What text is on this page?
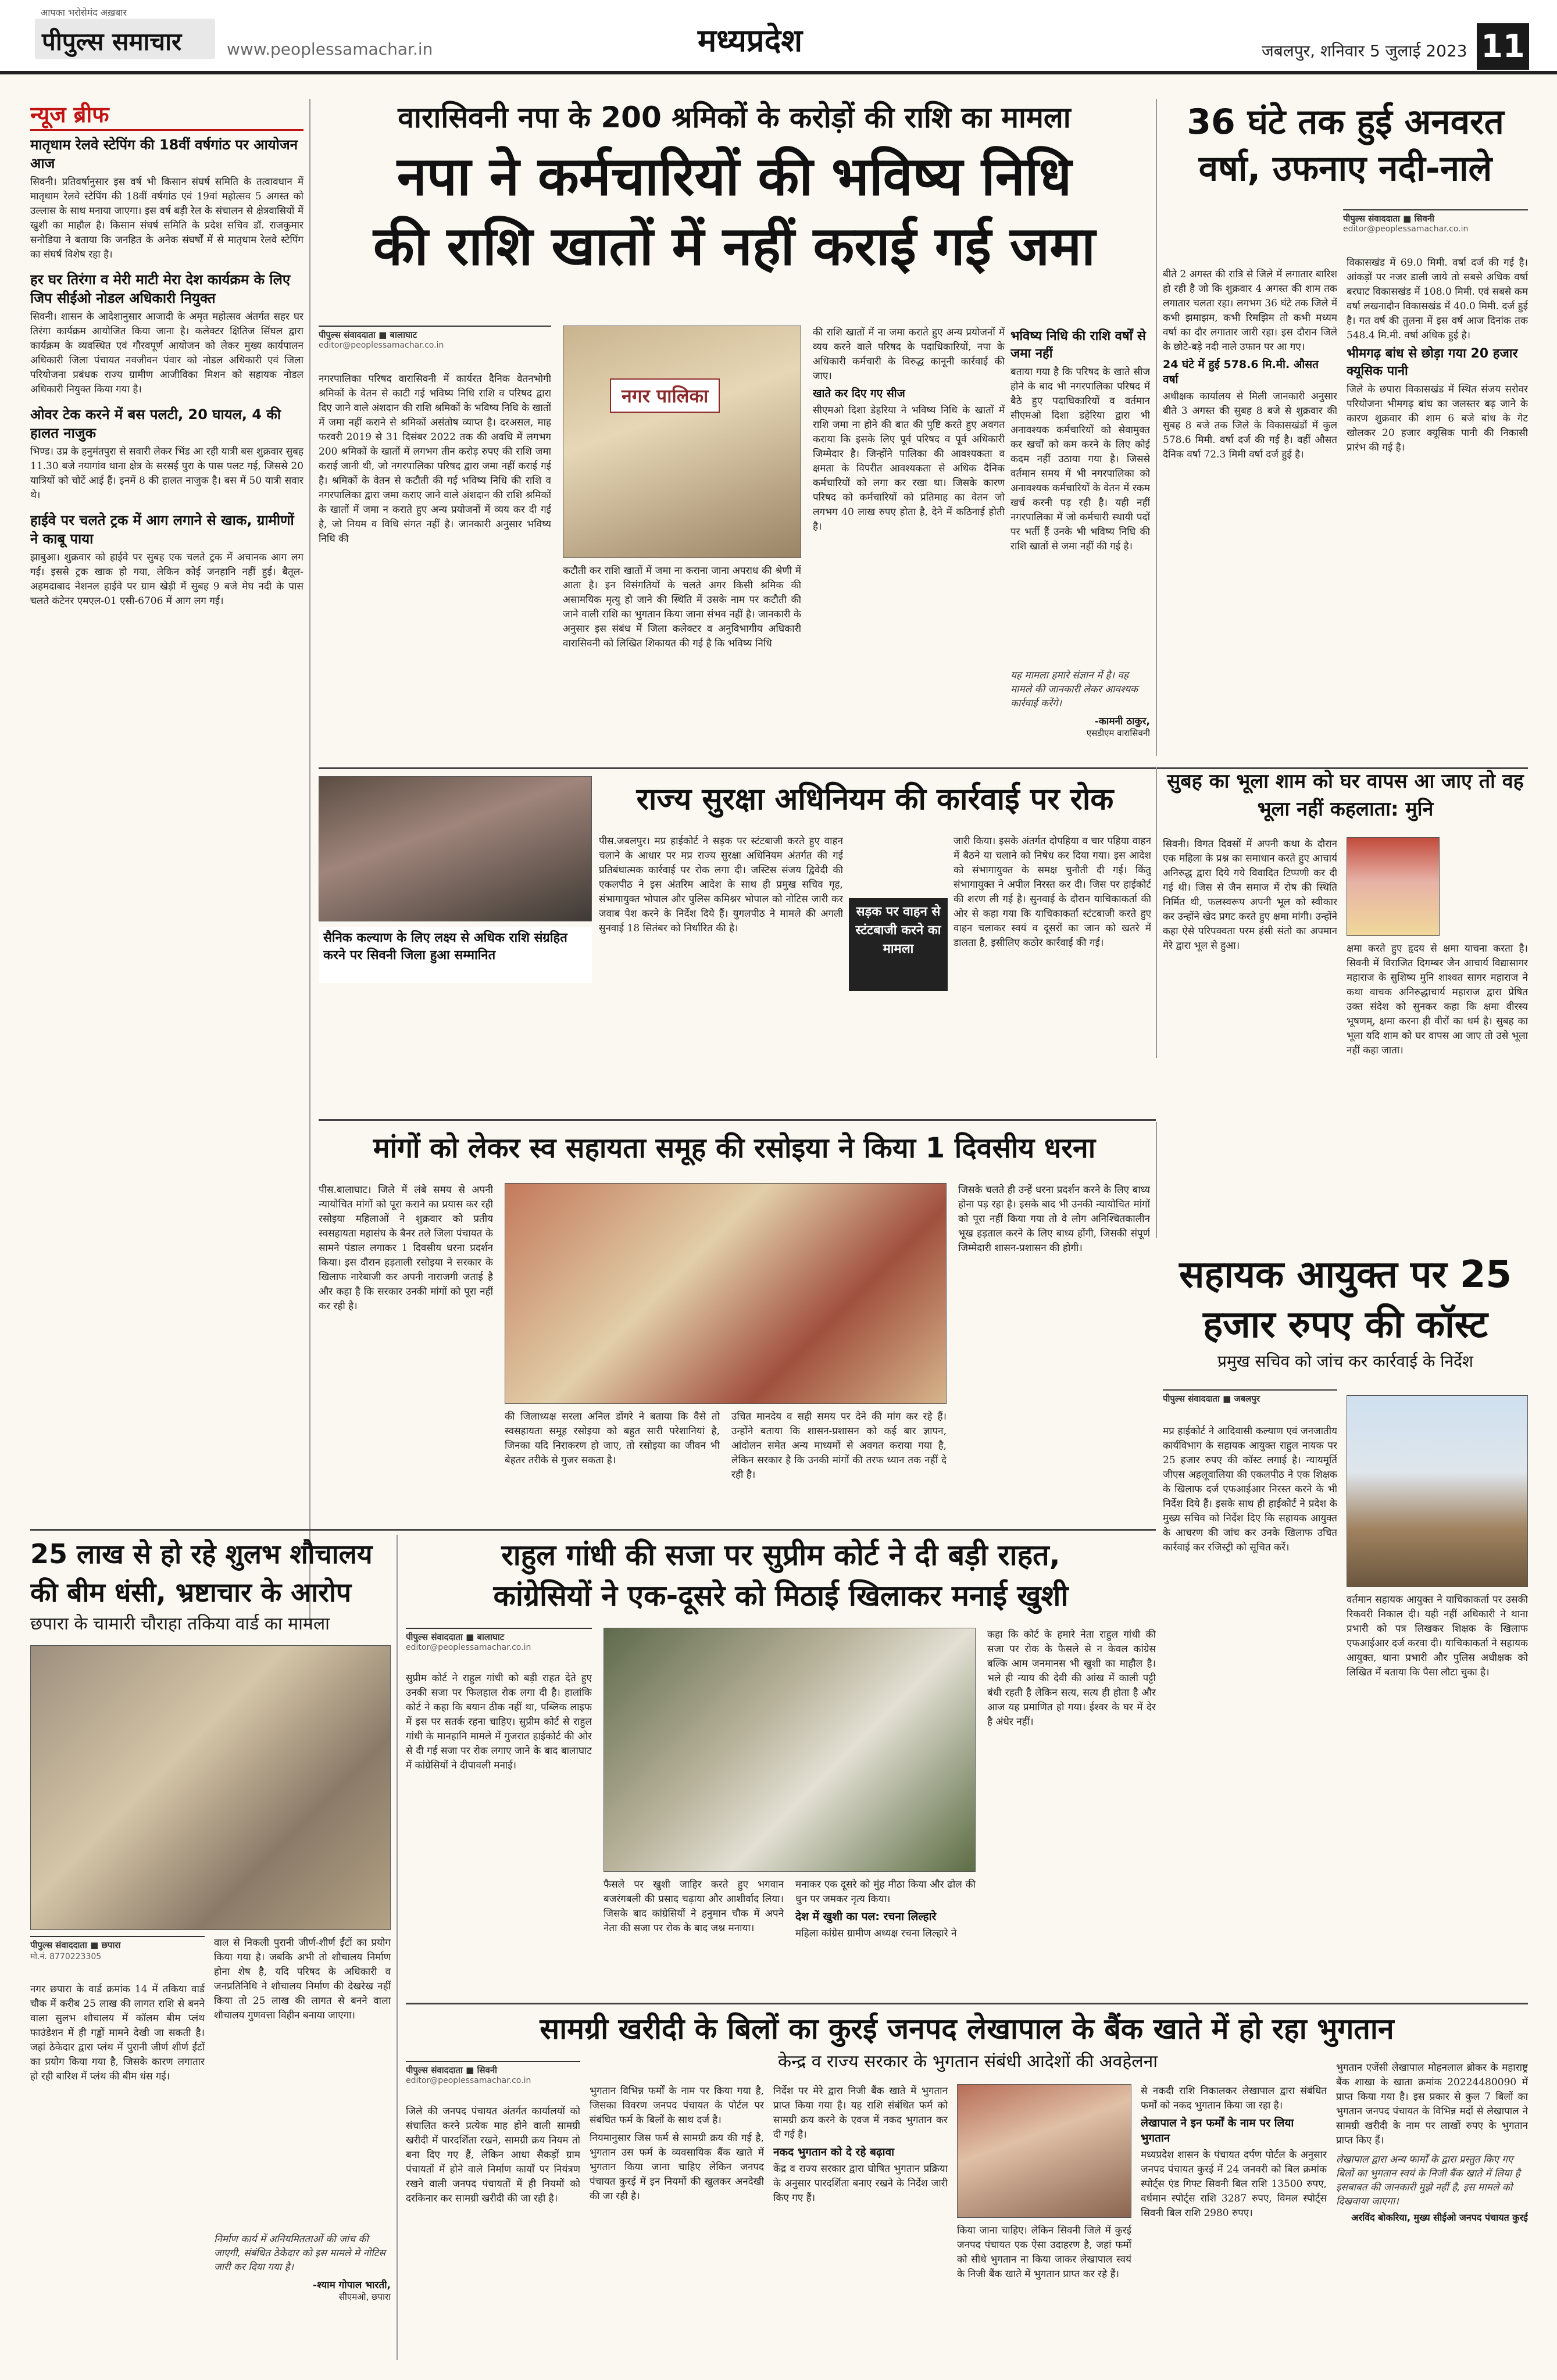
पीपुल्स समाचार
आपका भरोसेमंद अख़बार
www.peoplessamachar.in	मध्यप्रदेश	जबलपुर, शनिवार 5 जुलाई 2023 11
न्यूज ब्रीफ
मातृधाम रेलवे स्टेपिंग की 18वीं वर्षगांठ पर आयोजन आज
सिवनी। प्रतिवर्षानुसार इस वर्ष भी किसान संघर्ष समिति के तत्वावधान में मातृधाम रेलवे स्टेपिंग की 18वीं वर्षगांठ एवं 19वां महोत्सव 5 अगस्त को उल्लास के साथ मनाया जाएगा। इस वर्ष बड़ी रेल के संचालन से क्षेत्रवासियों में खुशी का माहौल है। किसान संघर्ष समिति के प्रदेश सचिव डॉ. राजकुमार सनोडिया ने बताया कि जनहित के अनेक संघर्षों में से मातृधाम रेलवे स्टेपिंग का संघर्ष विशेष रहा है।
हर घर तिरंगा व मेरी माटी मेरा देश कार्यक्रम के लिए जिप सीईओ नोडल अधिकारी नियुक्त
सिवनी। शासन के आदेशानुसार आजादी के अमृत महोत्सव अंतर्गत सहर घर तिरंगा कार्यक्रम आयोजित किया जाना है। कलेक्टर क्षितिज सिंघल द्वारा कार्यक्रम के व्यवस्थित एवं गौरवपूर्ण आयोजन को लेकर मुख्य कार्यपालन अधिकारी जिला पंचायत नवजीवन पंवार को नोडल अधिकारी एवं जिला परियोजना प्रबंधक राज्य ग्रामीण आजीविका मिशन को सहायक नोडल अधिकारी नियुक्त किया गया है।
ओवर टेक करने में बस पलटी, 20 घायल, 4 की हालत नाजुक
भिण्ड। उप्र के हनुमंतपुरा से सवारी लेकर भिंड आ रही यात्री बस शुक्रवार सुबह 11.30 बजे नयागांव थाना क्षेत्र के सरसई पुरा के पास पलट गई, जिससे 20 यात्रियों को चोटें आई हैं। इनमें 8 की हालत नाजुक है। बस में 50 यात्री सवार थे।
हाईवे पर चलते ट्रक में आग लगाने से खाक, ग्रामीणों ने काबू पाया
झाबुआ। शुक्रवार को हाईवे पर सुबह एक चलते ट्रक में अचानक आग लग गई। इससे ट्रक खाक हो गया, लेकिन कोई जनहानि नहीं हुई। बैतूल-अहमदाबाद नेशनल हाईवे पर ग्राम खेड़ी में सुबह 9 बजे मेघ नदी के पास चलते कंटेनर एमएल-01 एसी-6706 में आग लग गई।
वारासिवनी नपा के 200 श्रमिकों के करोड़ों की राशि का मामला
नपा ने कर्मचारियों की भविष्य निधि
की राशि खातों में नहीं कराई गई जमा
पीपुल्स संवाददाता ■ बालाघाट
editor@peoplessamachar.co.in
नगरपालिका परिषद वारासिवनी में कार्यरत दैनिक वेतनभोगी श्रमिकों के वेतन से काटी गई भविष्य निधि राशि व परिषद द्वारा दिए जाने वाले अंशदान की राशि श्रमिकों के भविष्य निधि के खातों में जमा नहीं कराने से श्रमिकों असंतोष व्याप्त है। दरअसल, माह फरवरी 2019 से 31 दिसंबर 2022 तक की अवधि में लगभग 200 श्रमिकों के खातों में लगभग तीन करोड़ रुपए की राशि जमा कराई जानी थी, जो नगरपालिका परिषद द्वारा जमा नहीं कराई गई है। श्रमिकों के वेतन से कटौती की गई भविष्य निधि की राशि व नगरपालिका द्वारा जमा कराए जाने वाले अंशदान की राशि श्रमिकों के खातों में जमा न कराते हुए अन्य प्रयोजनों में व्यय कर दी गई है, जो नियम व विधि संगत नहीं है। जानकारी अनुसार भविष्य निधि की
नगर पालिका
कटौती कर राशि खातों में जमा ना कराना जाना अपराध की श्रेणी में आता है। इन विसंगतियों के चलते अगर किसी श्रमिक की असामयिक मृत्यु हो जाने की स्थिति में उसके नाम पर कटौती की जाने वाली राशि का भुगतान किया जाना संभव नहीं है। जानकारी के अनुसार इस संबंध में जिला कलेक्टर व अनुविभागीय अधिकारी वारासिवनी को लिखित शिकायत की गई है कि भविष्य निधि
की राशि खातों में ना जमा कराते हुए अन्य प्रयोजनों में व्यय करने वाले परिषद के पदाधिकारियों, नपा के अधिकारी कर्मचारी के विरुद्ध कानूनी कार्रवाई की जाए।
खाते कर दिए गए सीज
सीएमओ दिशा डेहरिया ने भविष्य निधि के खातों में राशि जमा ना होने की बात की पुष्टि करते हुए अवगत कराया कि इसके लिए पूर्व परिषद व पूर्व अधिकारी जिम्मेदार है। जिन्होंने पालिका की आवश्यकता व क्षमता के विपरीत आवश्यकता से अधिक दैनिक कर्मचारियों को लगा कर रखा था। जिसके कारण परिषद को कर्मचारियों को प्रतिमाह का वेतन जो लगभग 40 लाख रुपए होता है, देने में कठिनाई होती है।
भविष्य निधि की राशि वर्षों से जमा नहीं
बताया गया है कि परिषद के खाते सीज होने के बाद भी नगरपालिका परिषद में बैठे हुए पदाधिकारियों व वर्तमान सीएमओ दिशा डहेरिया द्वारा भी अनावश्यक कर्मचारियों को सेवामुक्त कर खर्चों को कम करने के लिए कोई कदम नहीं उठाया गया है। जिससे वर्तमान समय में भी नगरपालिका को अनावश्यक कर्मचारियों के वेतन में रकम खर्च करनी पड़ रही है। यही नहीं नगरपालिका में जो कर्मचारी स्थायी पदों पर भर्ती हैं उनके भी भविष्य निधि की राशि खातों से जमा नहीं की गई है।
यह मामला हमारे संज्ञान में है। वह मामले की जानकारी लेकर आवश्यक कार्रवाई करेंगे।
-कामनी ठाकुर,
एसडीएम वारासिवनी
36 घंटे तक हुई अनवरत
वर्षा, उफनाए नदी-नाले
पीपुल्स संवाददाता ■ सिवनी
editor@peoplessamachar.co.in
बीते 2 अगस्त की रात्रि से जिले में लगातार बारिश हो रही है जो कि शुक्रवार 4 अगस्त की शाम तक लगातार चलता रहा। लगभग 36 घंटे तक जिले में कभी झमाझम, कभी रिमझिम तो कभी मध्यम वर्षा का दौर लगातार जारी रहा। इस दौरान जिले के छोटे-बड़े नदी नाले उफान पर आ गए।
24 घंटे में हुई 578.6 मि.मी. औसत वर्षा
अधीक्षक कार्यालय से मिली जानकारी अनुसार बीते 3 अगस्त की सुबह 8 बजे से शुक्रवार की सुबह 8 बजे तक जिले के विकासखंडों में कुल 578.6 मिमी. वर्षा दर्ज की गई है। वहीं औसत दैनिक वर्षा 72.3 मिमी वर्षा दर्ज हुई है।
विकासखंड में 69.0 मिमी. वर्षा दर्ज की गई है। आंकड़ों पर नजर डाली जाये तो सबसे अधिक वर्षा बरघाट विकासखंड में 108.0 मिमी. एवं सबसे कम वर्षा लखनादौन विकासखंड में 40.0 मिमी. दर्ज हुई है। गत वर्ष की तुलना में इस वर्ष आज दिनांक तक 548.4 मि.मी. वर्षा अधिक हुई है।
भीमगढ़ बांध से छोड़ा गया 20 हजार क्यूसिक पानी
जिले के छपारा विकासखंड में स्थित संजय सरोवर परियोजना भीमगढ़ बांध का जलस्तर बढ़ जाने के कारण शुक्रवार की शाम 6 बजे बांध के गेट खोलकर 20 हजार क्यूसिक पानी की निकासी प्रारंभ की गई है।
सैनिक कल्याण के लिए लक्ष्य से अधिक राशि संग्रहित करने पर सिवनी जिला हुआ सम्मानित
राज्य सुरक्षा अधिनियम की कार्रवाई पर रोक
पीस.जबलपुर। मप्र हाईकोर्ट ने सड़क पर स्टंटबाजी करते हुए वाहन चलाने के आधार पर मप्र राज्य सुरक्षा अधिनियम अंतर्गत की गई प्रतिबंधात्मक कार्रवाई पर रोक लगा दी। जस्टिस संजय द्विवेदी की एकलपीठ ने इस अंतरिम आदेश के साथ ही प्रमुख सचिव गृह, संभागायुक्त भोपाल और पुलिस कमिश्नर भोपाल को नोटिस जारी कर जवाब पेश करने के निर्देश दिये हैं। युगलपीठ ने मामले की अगली सुनवाई 18 सितंबर को निर्धारित की है।
सड़क पर वाहन से स्टंटबाजी करने का मामला
जारी किया। इसके अंतर्गत दोपहिया व चार पहिया वाहन में बैठने या चलाने को निषेध कर दिया गया। इस आदेश को संभागायुक्त के समक्ष चुनौती दी गई। किंतु संभागायुक्त ने अपील निरस्त कर दी। जिस पर हाईकोर्ट की शरण ली गई है। सुनवाई के दौरान याचिकाकर्ता की ओर से कहा गया कि याचिकाकर्ता स्टंटबाजी करते हुए वाहन चलाकर स्वयं व दूसरों का जान को खतरे में डालता है, इसीलिए कठोर कार्रवाई की गई।
सुबह का भूला शाम को घर वापस आ जाए तो वह भूला नहीं कहलाता: मुनि
सिवनी। विगत दिवसों में अपनी कथा के दौरान एक महिला के प्रश्न का समाधान करते हुए आचार्य अनिरुद्ध द्वारा दिये गये विवादित टिप्पणी कर दी गई थी। जिस से जैन समाज में रोष की स्थिति निर्मित थी, फलस्वरूप अपनी भूल को स्वीकार कर उन्होंने खेद प्रगट करते हुए क्षमा मांगी। उन्होंने कहा ऐसे परिपक्वता परम हंसी संतो का अपमान मेरे द्वारा भूल से हुआ।	क्षमा करते हुए हृदय से क्षमा याचना करता है। सिवनी में विराजित दिगम्बर जैन आचार्य विद्यासागर महाराज के सुशिष्य मुनि शाश्वत सागर महाराज ने कथा वाचक अनिरुद्धाचार्य महाराज द्वारा प्रेषित उक्त संदेश को सुनकर कहा कि क्षमा वीरस्य भूषणम्, क्षमा करना ही वीरों का धर्म है। सुबह का भूला यदि शाम को घर वापस आ जाए तो उसे भूला नहीं कहा जाता।
मांगों को लेकर स्व सहायता समूह की रसोइया ने किया 1 दिवसीय धरना
पीस.बालाघाट। जिले में लंबे समय से अपनी न्यायोचित मांगों को पूरा कराने का प्रयास कर रही रसोइया महिलाओं ने शुक्रवार को प्रतीय स्वसहायता महासंघ के बैनर तले जिला पंचायत के सामने पंडाल लगाकर 1 दिवसीय धरना प्रदर्शन किया। इस दौरान हड़ताली रसोइया ने सरकार के खिलाफ नारेबाजी कर अपनी नाराजगी जताई है और कहा है कि सरकार उनकी मांगों को पूरा नहीं कर रही है।
की जिलाध्यक्ष सरला अनिल डोंगरे ने बताया कि वैसे तो स्वसहायता समूह रसोइया को बहुत सारी परेशानियां है, जिनका यदि निराकरण हो जाए, तो रसोइया का जीवन भी बेहतर तरीके से गुजर सकता है।
उचित मानदेय व सही समय पर देने की मांग कर रहे हैं। उन्होंने बताया कि शासन-प्रशासन को कई बार ज्ञापन, आंदोलन समेत अन्य माध्यमों से अवगत कराया गया है, लेकिन सरकार है कि उनकी मांगों की तरफ ध्यान तक नहीं दे रही है।
जिसके चलते ही उन्हें धरना प्रदर्शन करने के लिए बाध्य होना पड़ रहा है। इसके बाद भी उनकी न्यायोचित मांगों को पूरा नहीं किया गया तो वे लोग अनिश्चितकालीन भूख हड़ताल करने के लिए बाध्य होंगी, जिसकी संपूर्ण जिम्मेदारी शासन-प्रशासन की होगी।
सहायक आयुक्त पर 25
हजार रुपए की कॉस्ट
प्रमुख सचिव को जांच कर कार्रवाई के निर्देश
पीपुल्स संवाददाता ■ जबलपुर
मप्र हाईकोर्ट ने आदिवासी कल्याण एवं जनजातीय कार्यविभाग के सहायक आयुक्त राहुल नायक पर 25 हजार रुपए की कॉस्ट लगाई है। न्यायमूर्ति जीएस अहलूवालिया की एकलपीठ ने एक शिक्षक के खिलाफ दर्ज एफआईआर निरस्त करने के भी निर्देश दिये हैं। इसके साथ ही हाईकोर्ट ने प्रदेश के मुख्य सचिव को निर्देश दिए कि सहायक आयुक्त के आचरण की जांच कर उनके खिलाफ उचित कार्रवाई कर रजिस्ट्री को सूचित करें।
वर्तमान सहायक आयुक्त ने याचिकाकर्ता पर उसकी रिकवरी निकाल दी। यही नहीं अधिकारी ने थाना प्रभारी को पत्र लिखकर शिक्षक के खिलाफ एफआईआर दर्ज करवा दी। याचिकाकर्ता ने सहायक आयुक्त, थाना प्रभारी और पुलिस अधीक्षक को लिखित में बताया कि पैसा लौटा चुका है।
25 लाख से हो रहे शुलभ शौचालय
की बीम धंसी, भ्रष्टाचार के आरोप
छपारा के चामारी चौराहा तकिया वार्ड का मामला
पीपुल्स संवाददाता ■ छपारा
मो.नं. 8770223305
नगर छपारा के वार्ड क्रमांक 14 में तकिया वार्ड चौक में करीब 25 लाख की लागत राशि से बनने वाला सुलभ शौचालय में कॉलम बीम प्लंथ फाउंडेशन में ही गड्ढों मामने देखी जा सकती है। जहां ठेकेदार द्वारा प्लंथ में पुरानी जीर्ण शीर्ण ईंटों का प्रयोग किया गया है, जिसके कारण लगातार हो रही बारिश में प्लंथ की बीम धंस गई।
वाल से निकली पुरानी जीर्ण-शीर्ण ईंटों का प्रयोग किया गया है। जबकि अभी तो शौचालय निर्माण होना शेष है, यदि परिषद के अधिकारी व जनप्रतिनिधि ने शौचालय निर्माण की देखरेख नहीं किया तो 25 लाख की लागत से बनने वाला शौचालय गुणवत्ता विहीन बनाया जाएगा।
निर्माण कार्य में अनियमितताओं की जांच की जाएगी, संबंधित ठेकेदार को इस मामले मे नोटिस जारी कर दिया गया है।
-श्याम गोपाल भारती,
सीएमओ, छपारा
राहुल गांधी की सजा पर सुप्रीम कोर्ट ने दी बड़ी राहत,
कांग्रेसियों ने एक-दूसरे को मिठाई खिलाकर मनाई खुशी
पीपुल्स संवाददाता ■ बालाघाट
editor@peoplessamachar.co.in
सुप्रीम कोर्ट ने राहुल गांधी को बड़ी राहत देते हुए उनकी सजा पर फिलहाल रोक लगा दी है। हालांकि कोर्ट ने कहा कि बयान ठीक नहीं था, पब्लिक लाइफ में इस पर सतर्क रहना चाहिए। सुप्रीम कोर्ट से राहुल गांधी के मानहानि मामले में गुजरात हाईकोर्ट की ओर से दी गई सजा पर रोक लगाए जाने के बाद बालाघाट में कांग्रेसियों ने दीपावली मनाई।
फैसले पर खुशी जाहिर करते हुए भगवान बजरंगबली की प्रसाद चढ़ाया और आशीर्वाद लिया। जिसके बाद कांग्रेसियों ने हनुमान चौक में अपने नेता की सजा पर रोक के बाद जश्न मनाया।
मनाकर एक दूसरे को मुंह मीठा किया और ढोल की धुन पर जमकर नृत्य किया।
देश में खुशी का पल: रचना लिल्हारे
महिला कांग्रेस ग्रामीण अध्यक्ष रचना लिल्हारे ने
कहा कि कोर्ट के हमारे नेता राहुल गांधी की सजा पर रोक के फैसले से न केवल कांग्रेस बल्कि आम जनमानस भी खुशी का माहौल है। भले ही न्याय की देवी की आंख में काली पट्टी बंधी रहती है लेकिन सत्य, सत्य ही होता है और आज यह प्रमाणित हो गया। ईश्वर के घर में देर है अंधेर नहीं।
सामग्री खरीदी के बिलों का कुरई जनपद लेखापाल के बैंक खाते में हो रहा भुगतान
केन्द्र व राज्य सरकार के भुगतान संबंधी आदेशों की अवहेलना
पीपुल्स संवाददाता ■ सिवनी
editor@peoplessamachar.co.in
जिले की जनपद पंचायत अंतर्गत कार्यालयों को संचालित करने प्रत्येक माह होने वाली सामग्री खरीदी में पारदर्शिता रखने, सामग्री क्रय नियम तो बना दिए गए हैं, लेकिन आधा सैकड़ों ग्राम पंचायतों में होने वाले निर्माण कार्यों पर नियंत्रण रखने वाली जनपद पंचायतों में ही नियमों को दरकिनार कर सामग्री खरीदी की जा रही है।
भुगतान विभिन्न फर्मों के नाम पर किया गया है, जिसका विवरण जनपद पंचायत के पोर्टल पर संबंधित फर्म के बिलों के साथ दर्ज है।
नियमानुसार जिस फर्म से सामग्री क्रय की गई है, भुगतान उस फर्म के व्यवसायिक बैंक खाते में भुगतान किया जाना चाहिए लेकिन जनपद पंचायत कुरई में इन नियमों की खुलकर अनदेखी की जा रही है।
निर्देश पर मेरे द्वारा निजी बैंक खाते में भुगतान प्राप्त किया गया है। यह राशि संबंधित फर्म को सामग्री क्रय करने के एवज में नकद भुगतान कर दी गई है।
नकद भुगतान को दे रहे बढ़ावा
केंद्र व राज्य सरकार द्वारा घोषित भुगतान प्रक्रिया के अनुसार पारदर्शिता बनाए रखने के निर्देश जारी किए गए हैं।
किया जाना चाहिए। लेकिन सिवनी जिले में कुरई जनपद पंचायत एक ऐसा उदाहरण है, जहां फर्मों को सीधे भुगतान ना किया जाकर लेखापाल स्वयं के निजी बैंक खाते में भुगतान प्राप्त कर रहे हैं।
से नकदी राशि निकालकर लेखापाल द्वारा संबंधित फर्मों को नकद भुगतान किया जा रहा है।
लेखापाल ने इन फर्मों के नाम पर लिया भुगतान
मध्यप्रदेश शासन के पंचायत दर्पण पोर्टल के अनुसार जनपद पंचायत कुरई में 24 जनवरी को बिल क्रमांक स्पोर्ट्स एंड गिफ्ट सिवनी बिल राशि 13500 रुपए, वर्धमान स्पोर्ट्स राशि 3287 रुपए, विमल स्पोर्ट्स सिवनी बिल राशि 2980 रुपए।
भुगतान एजेंसी लेखापाल मोहनलाल ब्रोकर के महाराष्ट्र बैंक शाखा के खाता क्रमांक 20224480090 में प्राप्त किया गया है। इस प्रकार से कुल 7 बिलों का भुगतान जनपद पंचायत के विभिन्न मदों से लेखापाल ने सामग्री खरीदी के नाम पर लाखों रुपए के भुगतान प्राप्त किए हैं।
लेखापाल द्वारा अन्य फार्मों के द्वारा प्रस्तुत किए गए बिलों का भुगतान स्वयं के निजी बैंक खाते में लिया है इसबाबत की जानकारी मुझे नहीं है, इस मामले को दिखवाया जाएगा।
अरविंद बोकरिया, मुख्य सीईओ जनपद पंचायत कुरई
